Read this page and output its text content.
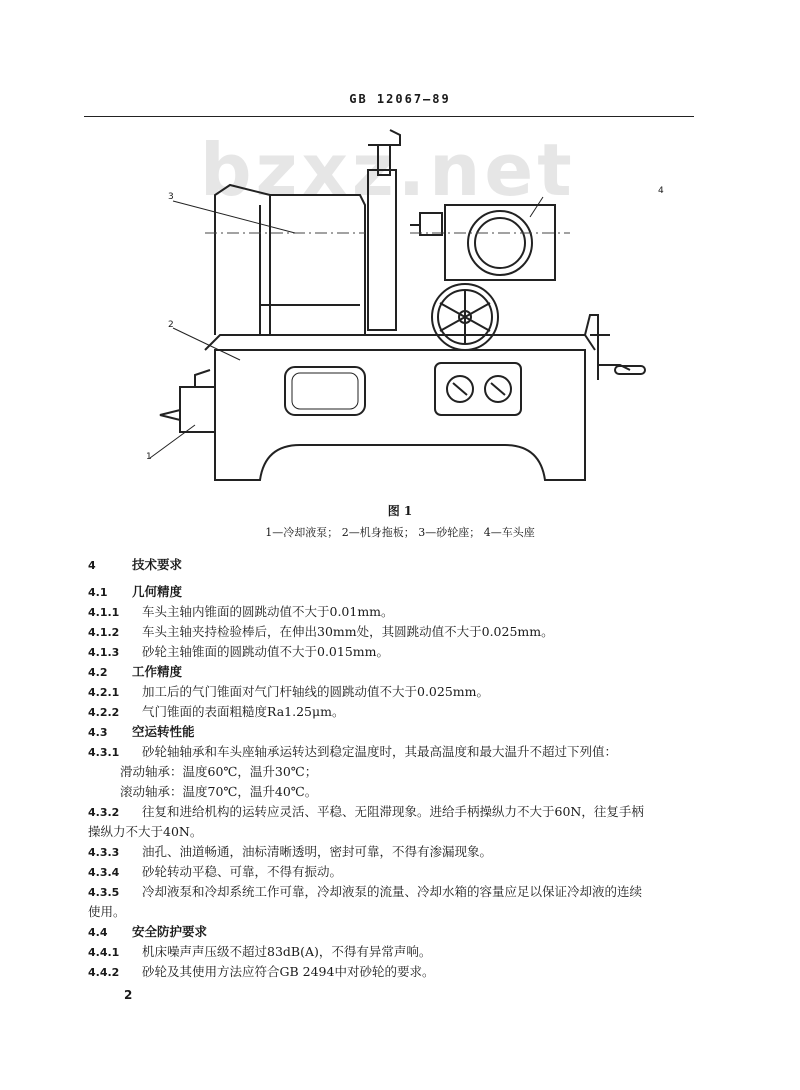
GB 12067—89
bzxz.net
3
4
2
1
图 1
1—冷却液泵； 2—机身拖板； 3—砂轮座； 4—车头座
4	技术要求
4.1 几何精度
4.1.1 车头主轴内锥面的圆跳动值不大于0.01mm。
4.1.2 车头主轴夹持检验棒后，在伸出30mm处，其圆跳动值不大于0.025mm。
4.1.3 砂轮主轴锥面的圆跳动值不大于0.015mm。
4.2 工作精度
4.2.1 加工后的气门锥面对气门杆轴线的圆跳动值不大于0.025mm。
4.2.2 气门锥面的表面粗糙度Ra1.25μm。
4.3 空运转性能
4.3.1 砂轮轴轴承和车头座轴承运转达到稳定温度时，其最高温度和最大温升不超过下列值：
滑动轴承：温度60℃，温升30℃；
滚动轴承：温度70℃，温升40℃。
4.3.2 往复和进给机构的运转应灵活、平稳、无阻滞现象。进给手柄操纵力不大于60N，往复手柄
操纵力不大于40N。
4.3.3 油孔、油道畅通，油标清晰透明，密封可靠，不得有渗漏现象。
4.3.4 砂轮转动平稳、可靠，不得有振动。
4.3.5 冷却液泵和冷却系统工作可靠，冷却液泵的流量、冷却水箱的容量应足以保证冷却液的连续
使用。
4.4 安全防护要求
4.4.1 机床噪声声压级不超过83dB(A)，不得有异常声响。
4.4.2 砂轮及其使用方法应符合GB 2494中对砂轮的要求。
2
